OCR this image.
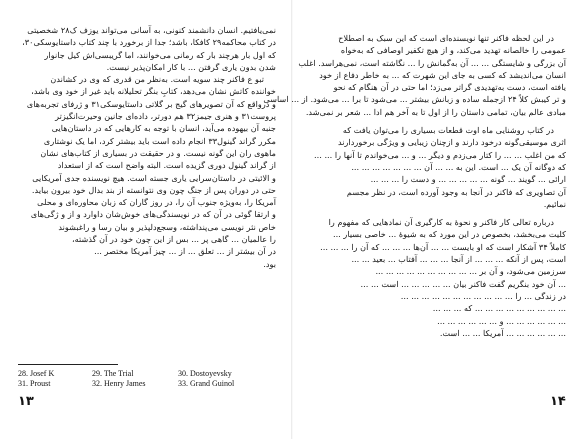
نمی‌یافتیم. انسان دانشمند کنونی، به آسانی می‌تواند یوزف ک۲۸ شخصیتی
در کتاب محاکمه۲۹ کافکا، باشد؛ جدا از برخورد با چند کتاب داستایوسکی۳۰،
که اول بار هرچند بار که رمانی می‌خوانند، اما گریبسی‌اش کیل جانوار
شدن بدون یاری گرفتن ... با کار امکان‌پذیر نیست.
تبو ع فاکنر چند سویه است. به‌نظر من قدری که وی در کشاندن
خواننده کاتش نشان می‌دهد، کتابِ بنگر تحلیلانه باید غیر از خود وی باشد،
و درواقع که آن تصویرهای گیج بر گلاتی داستایوسکی۳۱ و ژرفای تجربه‌های
پروست۳۱ و هنری جیمز۳۲ هم دورتر، داده‌ای جانین وحیرت‌انگیزتر
جنبه آن بیهوده می‌آید، انسان با توجه به کارهایی که در داستان‌هایی
مکرر گراند گینول۳۳ انجام داده است باید بیشتر کرد، اما یک نوشتاری
ماهوی ران این گونه نیست. و در حقیقت در بسیاری از کتاب‌های نشان
از گراند گینول دوری گزیده است. البته واضح است که از استعداد
و الائیتی در داستان‌سرایی یاری جسته است. هیچ نویسنده جدی آمریکایی
حتی در دوران پس از جنگ چون وی نتوانسته از بند بدال خود بیرون بیاید.
آمریکا را، به‌ویژه جنوب آن را، در روز گاران که زبان محاوره‌ای و محلی
و ارتقا گوئی در آن که در نویسندگی‌های خوش‌شان داوارد و از و ژگی‌های
خاص نثر نویسی می‌پنداشته، وسجع‌دلپذیر و بیان رسا و راغبشوند
را عالمیان ... گاهی پر ... بس از این چون خود در آن گذشته،
در آن بیشتر از ... تعلق ... از ... چیز آمریکا مختصر ...
بود.
28. Josef K	29. The Trial	30. Dostoyevsky
31. Proust	32. Henry James	33. Grand Guinol
۱۳
در این لحظه فاکنر تنها نویسنده‌ای است که این سبک به اصطلاح
عمومی را خالصانه تهدید می‌کند، و از هیچ تکفیر اوصافی که به‌خواه
آن بزرگی و شایستگی ... ... آن به‌گمانش را ... نگاشته است، نمی‌هراسد. اغلب
انسان می‌اندیشد که کسی به جای این شهرت که ... به خاطر دفاع از خود
یافته است، دست به‌تهدیدی گراتر می‌زد؛ اما حتی در آن هنگام که نحو
و تر کیبش کلاً ۲۴ ازجمله ساده و زبانش بیشتر ... می‌شود تا برا ... می‌شود. از ... اساسی
مبادی عالم بیان، تمامی داستان را از اول تا به آخر هم ادا ... شعر بر نمی‌شد.
در کتاب روشنایی ماه اوت قطعات بسیاری را می‌توان یافت که
اثری موسیقی‌گونه درخود دارند و ازچنان زیبایی و ویژگی برخوردارند
که من اغلب ... ... را کتار می‌زدم و دیگر ... و ... می‌خواندم تا آنها را ... ...
که دوگانه آن یک ... است. این به ... ... آن ... ... ... ... ... ... ...
ارائی ... گویند ... گونه ... ... ... ... ... و دست را ... ... ...
آن تصاویری که فاکنر در آنجا به وجود آورده است، در نظر مجسم
نمائیم.
درباره تعالی کار فاکنر و نحوهٔ به کارگیری آن نمادهایی که مفهوم را
کلیت می‌بخشد، بخصوص در این مورد که به شیوهٔ ... خاصی بسیار ...
کاملاً ۳۴ آشکار است که او بایست ... ... آن‌ها ... ... ... که آن را ... ... ...
است، پس از آنکه ... ... ... از آنجا ... ... ... آفتاب ... بعید ... ...
سرزمین می‌شود، و آن بر ... ... ... ... ... ... ... ... ... ...
... آن خود بنگریم گفت فاکنر بیان ... ... ... ... ... است ... ...
در زندگی ... را ... ... ... ... ... ... ... ... ... ... ...
... ... ... ... ... ... ... ... ... که ... ... ...
... ... ... ... ... ... و ... ... ... ... ... ...
... ... ... ... ... ... آمریکا ... ... است.
۱۴
